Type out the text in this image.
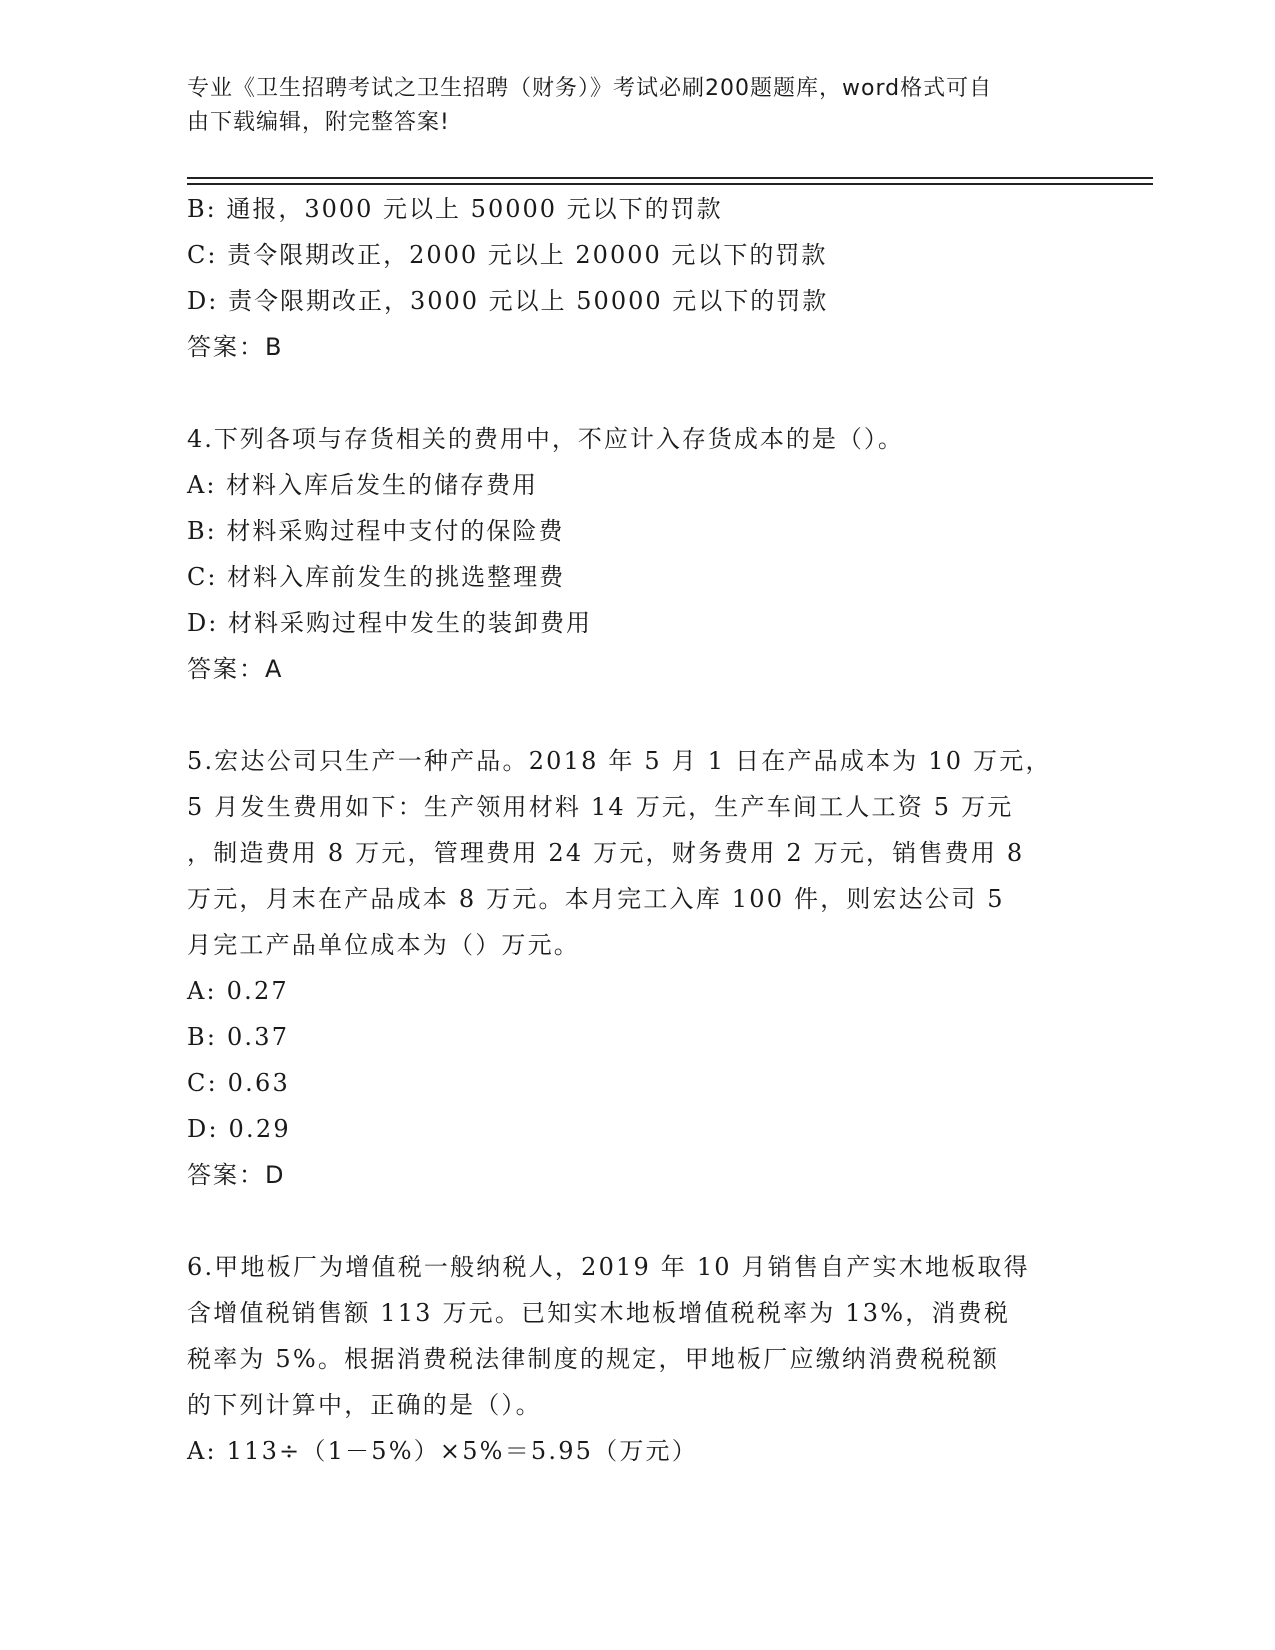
专业《卫生招聘考试之卫生招聘（财务）》考试必刷200题题库，word格式可自
由下载编辑，附完整答案!
B: 通报，3000 元以上 50000 元以下的罚款
C: 责令限期改正，2000 元以上 20000 元以下的罚款
D: 责令限期改正，3000 元以上 50000 元以下的罚款
答案：B
4.下列各项与存货相关的费用中，不应计入存货成本的是（）。
A: 材料入库后发生的储存费用
B: 材料采购过程中支付的保险费
C: 材料入库前发生的挑选整理费
D: 材料采购过程中发生的装卸费用
答案：A
5.宏达公司只生产一种产品。2018 年 5 月 1 日在产品成本为 10 万元，
5 月发生费用如下：生产领用材料 14 万元，生产车间工人工资 5 万元
，制造费用 8 万元，管理费用 24 万元，财务费用 2 万元，销售费用 8
万元，月末在产品成本 8 万元。本月完工入库 100 件，则宏达公司 5
月完工产品单位成本为（）万元。
A: 0.27
B: 0.37
C: 0.63
D: 0.29
答案：D
6.甲地板厂为增值税一般纳税人，2019 年 10 月销售自产实木地板取得
含增值税销售额 113 万元。已知实木地板增值税税率为 13%，消费税
税率为 5%。根据消费税法律制度的规定，甲地板厂应缴纳消费税税额
的下列计算中，正确的是（）。
A: 113÷（1－5%）×5%＝5.95（万元）
